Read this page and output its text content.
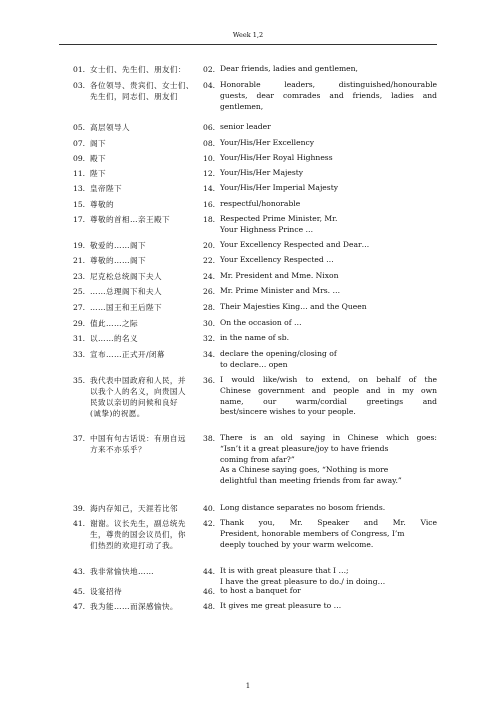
Week 1,2
01. 女士们、先生们、朋友们：	02. Dear friends, ladies and gentlemen,
03. 各位领导、贵宾们、女士们、
先生们，同志们、朋友们
04. Honorable leaders, distinguished/honourable
guests, dear comrades and friends, ladies and
gentlemen,
05. 高层领导人	06. senior leader
07. 阁下	08. Your/His/Her Excellency
09. 殿下	10. Your/His/Her Royal Highness
11. 陛下	12. Your/His/Her Majesty
13. 皇帝陛下	14. Your/His/Her Imperial Majesty
15. 尊敬的	16. respectful/honorable
17. 尊敬的首相…亲王殿下	18. Respected Prime Minister, Mr.
Your Highness Prince …
19. 敬爱的……阁下	20. Your Excellency Respected and Dear…
21. 尊敬的……阁下	22. Your Excellency Respected …
23. 尼克松总统阁下夫人	24. Mr. President and Mme. Nixon
25. ……总理阁下和夫人	26. Mr. Prime Minister and Mrs. …
27. ……国王和王后陛下	28. Their Majesties King… and the Queen
29. 值此……之际	30. On the occasion of …
31. 以……的名义	32. in the name of sb.
33. 宣布……正式开/闭幕	34. declare the opening/closing of
to declare… open
35. 我代表中国政府和人民，并
以我个人的名义，向贵国人
民致以亲切的问候和良好
(诚挚)的祝愿。
36. I would like/wish to extend, on behalf of the
Chinese government and people and in my own
name, our warm/cordial greetings and
best/sincere wishes to your people.
37. 中国有句古话说：有朋自远
方来不亦乐乎？
38. There is an old saying in Chinese which goes:
“Isn’t it a great pleasure/joy to have friends
coming from afar?”
As a Chinese saying goes, “Nothing is more
delightful than meeting friends from far away.”
39. 海内存知己，天涯若比邻	40. Long distance separates no bosom friends.
41. 谢谢。议长先生，副总统先
生，尊贵的国会议员们，你
们热烈的欢迎打动了我。
42. Thank you, Mr. Speaker and Mr. Vice
President, honorable members of Congress, I’m
deeply touched by your warm welcome.
43. 我非常愉快地……	44. It is with great pleasure that I …;
I have the great pleasure to do./ in doing…
45. 设宴招待	46. to host a banquet for
47. 我为能……而深感愉快。	48. It gives me great pleasure to …
1
